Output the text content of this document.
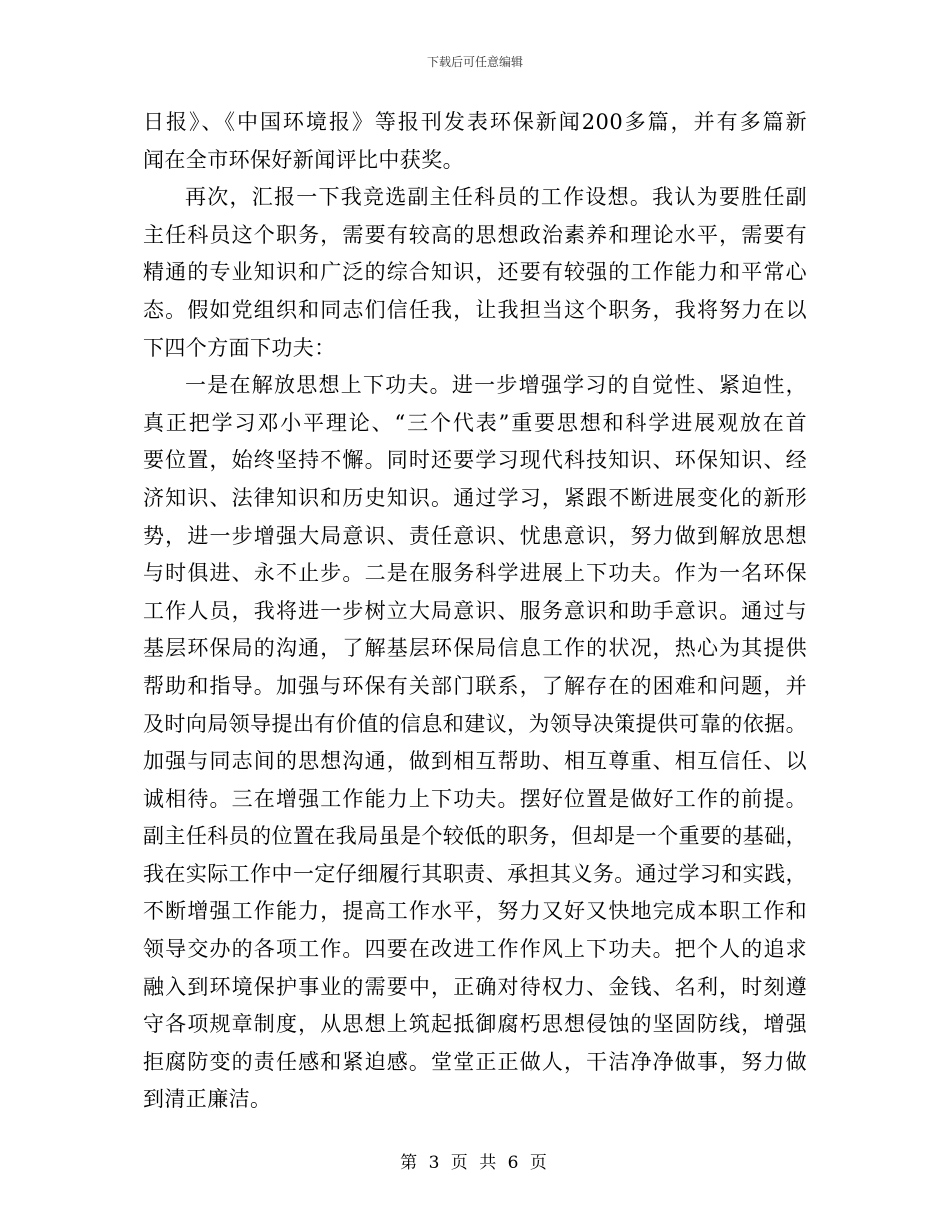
下载后可任意编辑
日报》、《中国环境报》等报刊发表环保新闻200多篇，并有多篇新
闻在全市环保好新闻评比中获奖。
再次，汇报一下我竞选副主任科员的工作设想。我认为要胜任副
主任科员这个职务，需要有较高的思想政治素养和理论水平，需要有
精通的专业知识和广泛的综合知识，还要有较强的工作能力和平常心
态。假如党组织和同志们信任我，让我担当这个职务，我将努力在以
下四个方面下功夫：
一是在解放思想上下功夫。进一步增强学习的自觉性、紧迫性，
真正把学习邓小平理论、“三个代表”重要思想和科学进展观放在首
要位置，始终坚持不懈。同时还要学习现代科技知识、环保知识、经
济知识、法律知识和历史知识。通过学习，紧跟不断进展变化的新形
势，进一步增强大局意识、责任意识、忧患意识，努力做到解放思想
与时俱进、永不止步。二是在服务科学进展上下功夫。作为一名环保
工作人员，我将进一步树立大局意识、服务意识和助手意识。通过与
基层环保局的沟通，了解基层环保局信息工作的状况，热心为其提供
帮助和指导。加强与环保有关部门联系，了解存在的困难和问题，并
及时向局领导提出有价值的信息和建议，为领导决策提供可靠的依据。
加强与同志间的思想沟通，做到相互帮助、相互尊重、相互信任、以
诚相待。三在增强工作能力上下功夫。摆好位置是做好工作的前提。
副主任科员的位置在我局虽是个较低的职务，但却是一个重要的基础，
我在实际工作中一定仔细履行其职责、承担其义务。通过学习和实践，
不断增强工作能力，提高工作水平，努力又好又快地完成本职工作和
领导交办的各项工作。四要在改进工作作风上下功夫。把个人的追求
融入到环境保护事业的需要中，正确对待权力、金钱、名利，时刻遵
守各项规章制度，从思想上筑起抵御腐朽思想侵蚀的坚固防线，增强
拒腐防变的责任感和紧迫感。堂堂正正做人，干洁净净做事，努力做
到清正廉洁。
第 3 页 共 6 页
